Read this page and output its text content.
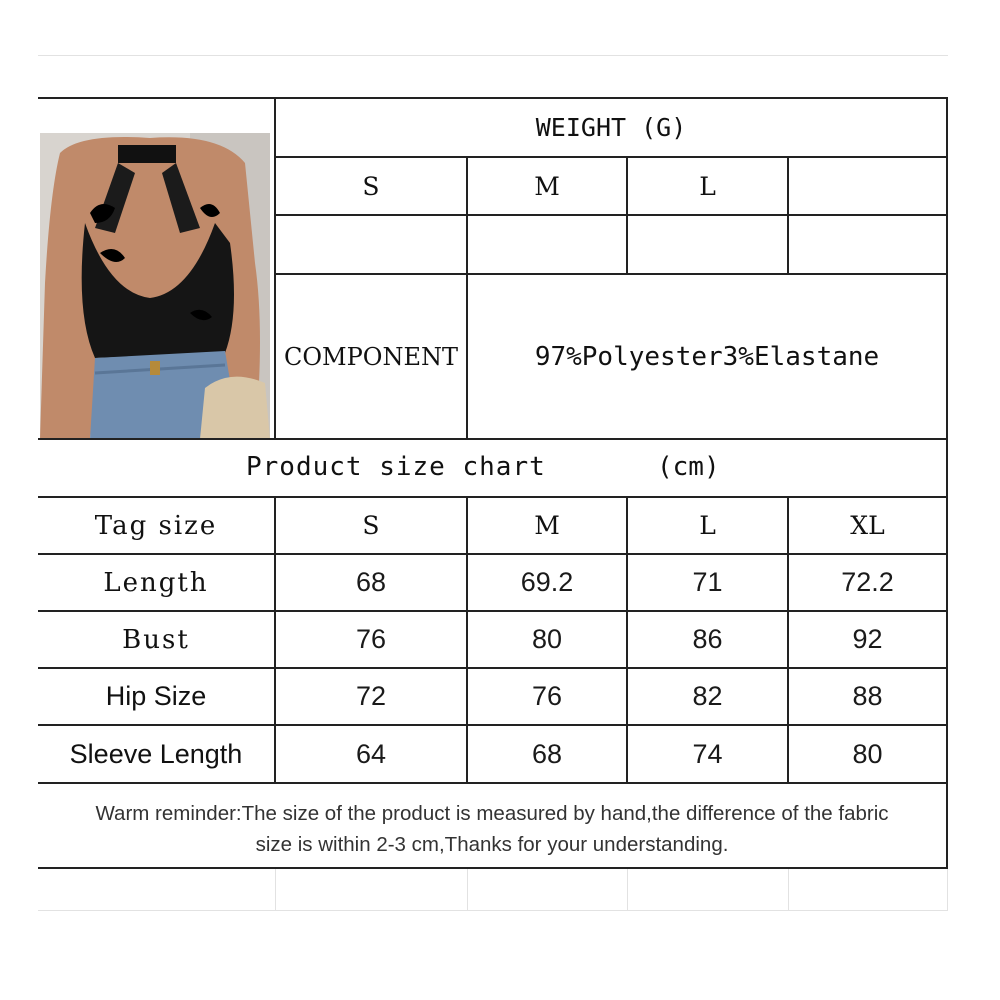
WEIGHT (G)
S	M	L
COMPONENT	97%Polyester3%Elastane
Product size chart	(cm)
Tag size	S	M	L	XL
Length	68	69.2	71	72.2
Bust	76	80	86	92
Hip Size	72	76	82	88
Sleeve Length	64	68	74	80
Warm reminder:The size of the product is measured by hand,the difference of the fabric
size is within 2-3 cm,Thanks for your understanding.
